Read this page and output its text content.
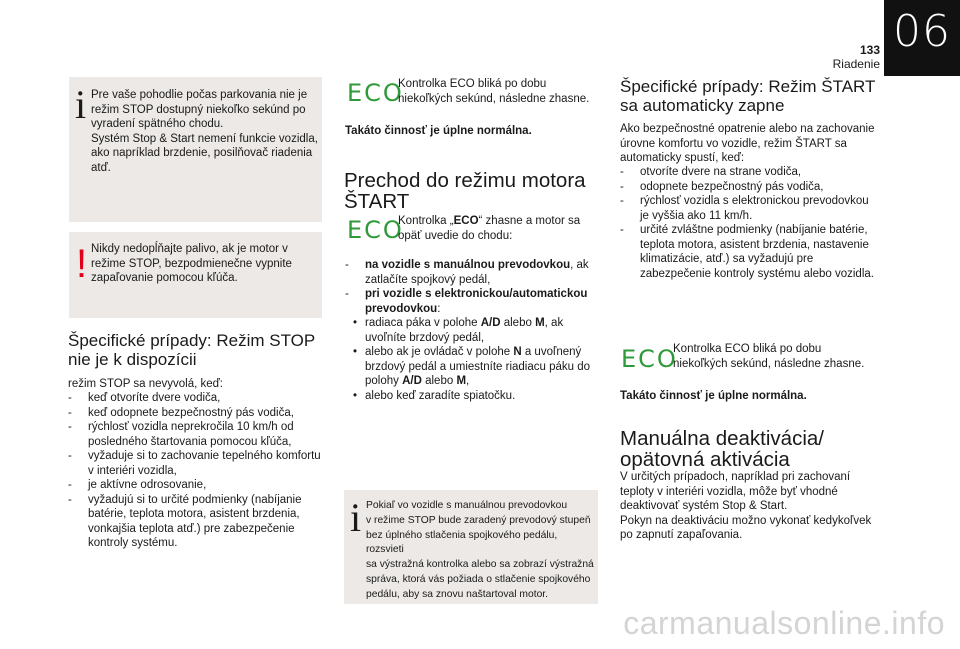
06
133
Riadenie
i Pre vaše pohodlie počas parkovania nie je režim STOP dostupný niekoľko sekúnd po vyradení spätného chodu.
Systém Stop & Start nemení funkcie vozidla, ako napríklad brzdenie, posilňovač riadenia atď.
! Nikdy nedopĺňajte palivo, ak je motor v režime STOP, bezpodmienečne vypnite zapaľovanie pomocou kľúča.
Špecifické prípady: Režim STOP
nie je k dispozícii
režim STOP sa nevyvolá, keď:
- keď otvoríte dvere vodiča,
- keď odopnete bezpečnostný pás vodiča,
- rýchlosť vozidla neprekročila 10 km/h od posledného štartovania pomocou kľúča,
- vyžaduje si to zachovanie tepelného komfortu v interiéri vozidla,
- je aktívne odrosovanie,
- vyžadujú si to určité podmienky (nabíjanie batérie, teplota motora, asistent brzdenia, vonkajšia teplota atď.) pre zabezpečenie kontroly systému.
ECO
Kontrolka ECO bliká po dobu niekoľkých sekúnd, následne zhasne.
Takáto činnosť je úplne normálna.
Prechod do režimu motora
ŠTART
ECO
Kontrolka „ECO“ zhasne a motor sa opäť uvedie do chodu:
- na vozidle s manuálnou prevodovkou, ak zatlačíte spojkový pedál,
- pri vozidle s elektronickou/automatickou prevodovkou:
• radiaca páka v polohe A/D alebo M, ak uvoľníte brzdový pedál,
• alebo ak je ovládač v polohe N a uvoľnený brzdový pedál a umiestníte riadiacu páku do polohy A/D alebo M,
• alebo keď zaradíte spiatočku.
i Pokiaľ vo vozidle s manuálnou prevodovkou
v režime STOP bude zaradený prevodový stupeň
bez úplného stlačenia spojkového pedálu, rozsvieti
sa výstražná kontrolka alebo sa zobrazí výstražná
správa, ktorá vás požiada o stlačenie spojkového
pedálu, aby sa znovu naštartoval motor.
Špecifické prípady: Režim ŠTART
sa automaticky zapne
Ako bezpečnostné opatrenie alebo na zachovanie úrovne komfortu vo vozidle, režim ŠTART sa automaticky spustí, keď:
- otvoríte dvere na strane vodiča,
- odopnete bezpečnostný pás vodiča,
- rýchlosť vozidla s elektronickou prevodovkou je vyššia ako 11 km/h.
- určité zvláštne podmienky (nabíjanie batérie, teplota motora, asistent brzdenia, nastavenie klimatizácie, atď.) sa vyžadujú pre zabezpečenie kontroly systému alebo vozidla.
ECO
Kontrolka ECO bliká po dobu niekoľkých sekúnd, následne zhasne.
Takáto činnosť je úplne normálna.
Manuálna deaktivácia/
opätovná aktivácia
V určitých prípadoch, napríklad pri zachovaní teploty v interiéri vozidla, môže byť vhodné deaktivovať systém Stop & Start.
Pokyn na deaktiváciu možno vykonať kedykoľvek po zapnutí zapaľovania.
carmanualsonline.info
